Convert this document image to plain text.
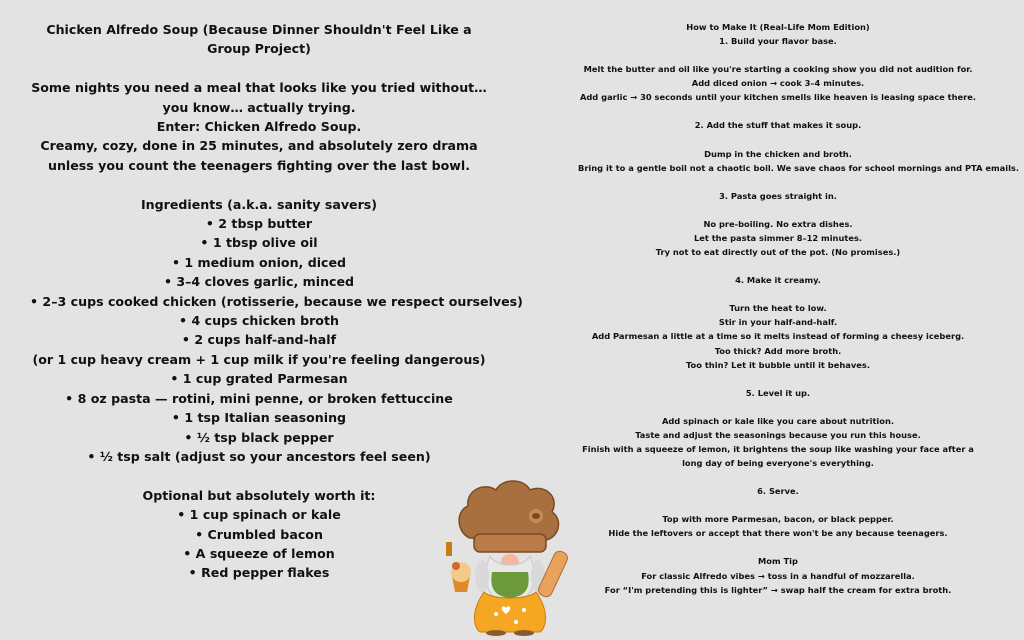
Chicken Alfredo Soup (Because Dinner Shouldn't Feel Like a Group Project)
Some nights you need a meal that looks like you tried without… you know… actually trying.
Enter: Chicken Alfredo Soup.
Creamy, cozy, done in 25 minutes, and absolutely zero drama unless you count the teenagers fighting over the last bowl.
Ingredients (a.k.a. sanity savers)
• 2 tbsp butter
• 1 tbsp olive oil
• 1 medium onion, diced
• 3–4 cloves garlic, minced
• 2–3 cups cooked chicken (rotisserie, because we respect ourselves)
• 4 cups chicken broth
• 2 cups half-and-half
(or 1 cup heavy cream + 1 cup milk if you're feeling dangerous)
• 1 cup grated Parmesan
• 8 oz pasta — rotini, mini penne, or broken fettuccine
• 1 tsp Italian seasoning
• ½ tsp black pepper
• ½ tsp salt (adjust so your ancestors feel seen)
Optional but absolutely worth it:
• 1 cup spinach or kale
• Crumbled bacon
• A squeeze of lemon
• Red pepper flakes
How to Make It (Real-Life Mom Edition)
1. Build your flavor base.
Melt the butter and oil like you're starting a cooking show you did not audition for.
Add diced onion → cook 3–4 minutes.
Add garlic → 30 seconds until your kitchen smells like heaven is leasing space there.
2. Add the stuff that makes it soup.
Dump in the chicken and broth.
Bring it to a gentle boil not a chaotic boil. We save chaos for school mornings and PTA emails.
3. Pasta goes straight in.
No pre-boiling. No extra dishes.
Let the pasta simmer 8–12 minutes.
Try not to eat directly out of the pot. (No promises.)
4. Make it creamy.
Turn the heat to low.
Stir in your half-and-half.
Add Parmesan a little at a time so it melts instead of forming a cheesy iceberg.
Too thick? Add more broth.
Too thin? Let it bubble until it behaves.
5. Level it up.
Add spinach or kale like you care about nutrition.
Taste and adjust the seasonings because you run this house.
Finish with a squeeze of lemon, it brightens the soup like washing your face after a long day of being everyone's everything.
6. Serve.
Top with more Parmesan, bacon, or black pepper.
Hide the leftovers or accept that there won't be any because teenagers.
Mom Tip
For classic Alfredo vibes → toss in a handful of mozzarella.
For “I'm pretending this is lighter” → swap half the cream for extra broth.
